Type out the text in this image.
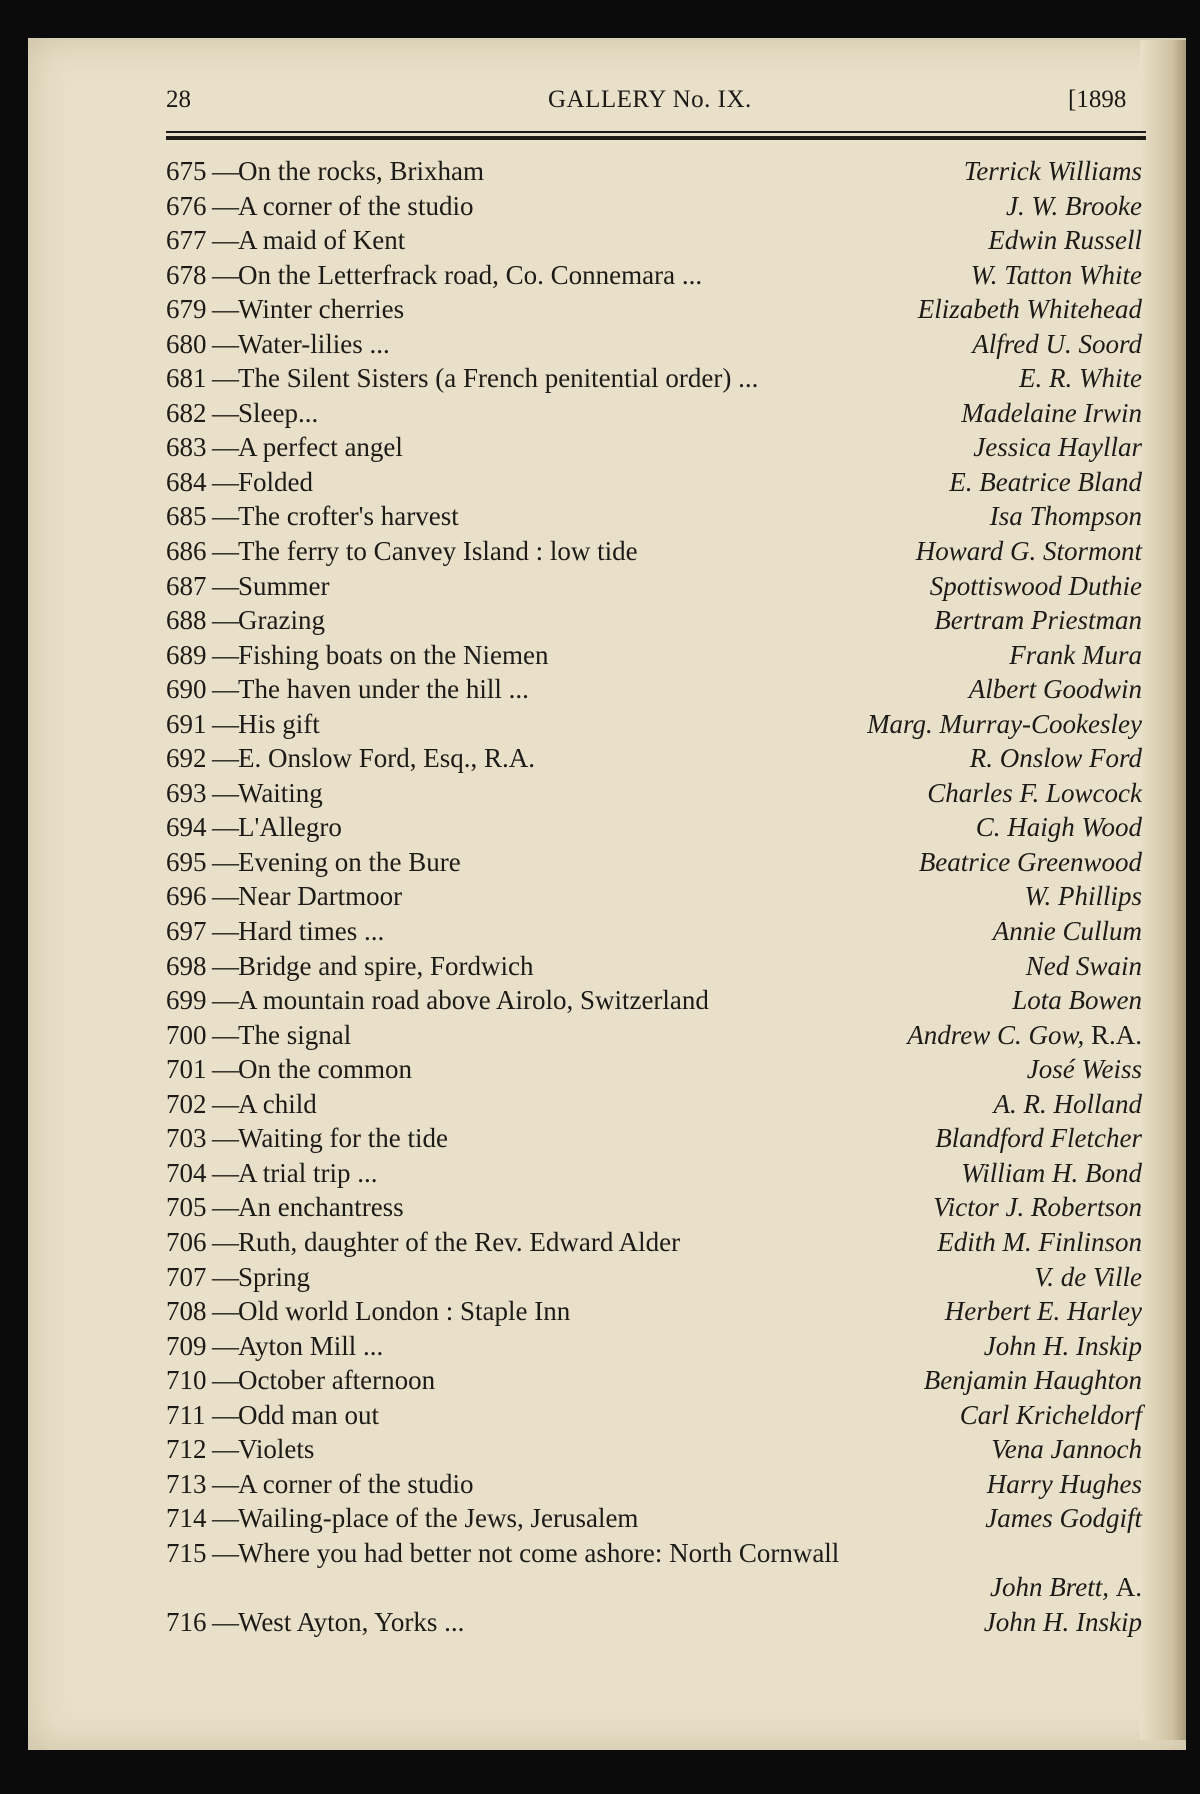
28	GALLERY No. IX.	[1898
675 — On the rocks, Brixham	Terrick Williams
676 — A corner of the studio	J. W. Brooke
677 — A maid of Kent	Edwin Russell
678 — On the Letterfrack road, Co. Connemara ...	W. Tatton White
679 — Winter cherries	Elizabeth Whitehead
680 — Water-lilies ...	Alfred U. Soord
681 — The Silent Sisters (a French penitential order) ...	E. R. White
682 — Sleep...	Madelaine Irwin
683 — A perfect angel	Jessica Hayllar
684 — Folded	E. Beatrice Bland
685 — The crofter's harvest	Isa Thompson
686 — The ferry to Canvey Island : low tide	Howard G. Stormont
687 — Summer	Spottiswood Duthie
688 — Grazing	Bertram Priestman
689 — Fishing boats on the Niemen	Frank Mura
690 — The haven under the hill ...	Albert Goodwin
691 — His gift	Marg. Murray-Cookesley
692 — E. Onslow Ford, Esq., R.A.	R. Onslow Ford
693 — Waiting	Charles F. Lowcock
694 — L'Allegro	C. Haigh Wood
695 — Evening on the Bure	Beatrice Greenwood
696 — Near Dartmoor	W. Phillips
697 — Hard times ...	Annie Cullum
698 — Bridge and spire, Fordwich	Ned Swain
699 — A mountain road above Airolo, Switzerland	Lota Bowen
700 — The signal	Andrew C. Gow, R.A.
701 — On the common	José Weiss
702 — A child	A. R. Holland
703 — Waiting for the tide	Blandford Fletcher
704 — A trial trip ...	William H. Bond
705 — An enchantress	Victor J. Robertson
706 — Ruth, daughter of the Rev. Edward Alder	Edith M. Finlinson
707 — Spring	V. de Ville
708 — Old world London : Staple Inn	Herbert E. Harley
709 — Ayton Mill ...	John H. Inskip
710 — October afternoon	Benjamin Haughton
711 — Odd man out	Carl Kricheldorf
712 — Violets	Vena Jannoch
713 — A corner of the studio	Harry Hughes
714 — Wailing-place of the Jews, Jerusalem	James Godgift
715 — Where you had better not come ashore: North Cornwall
John Brett, A.
716 — West Ayton, Yorks ...	John H. Inskip
